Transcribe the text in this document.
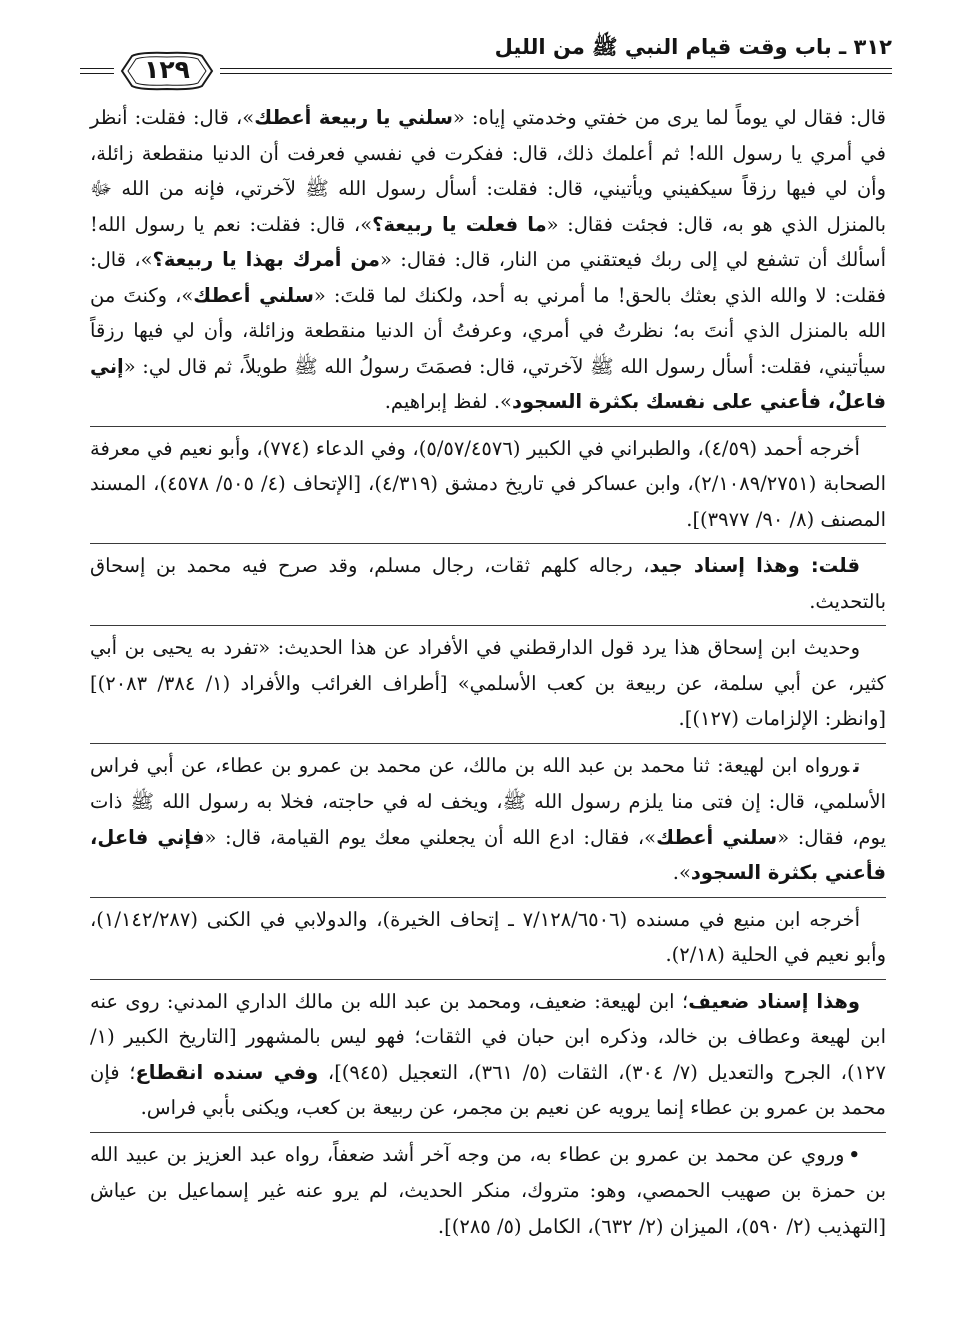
٣١٢ ـ باب وقت قيام النبي ﷺ من الليل
١٢٩

قال: فقال لي يوماً لما يرى من خفتي وخدمتي إياه: «سلني يا ربيعة أعطك»، قال: فقلت: أنظر في أمري يا رسول الله! ثم أعلمك ذلك، قال: ففكرت في نفسي فعرفت أن الدنيا منقطعة زائلة، وأن لي فيها رزقاً سيكفيني ويأتيني، قال: فقلت: أسأل رسول الله ﷺ لآخرتي، فإنه من الله ﷻ بالمنزل الذي هو به، قال: فجئت فقال: «ما فعلت يا ربيعة؟»، قال: فقلت: نعم يا رسول الله! أسألك أن تشفع لي إلى ربك فيعتقني من النار، قال: فقال: «من أمرك بهذا يا ربيعة؟»، قال: فقلت: لا والله الذي بعثك بالحق! ما أمرني به أحد، ولكنك لما قلتَ: «سلني أعطك»، وكنتَ من الله بالمنزل الذي أنتَ به؛ نظرتُ في أمري، وعرفتُ أن الدنيا منقطعة وزائلة، وأن لي فيها رزقاً سيأتيني، فقلت: أسأل رسول الله ﷺ لآخرتي، قال: فصمَتَ رسولُ الله ﷺ طويلاً، ثم قال لي: «إني فاعلٌ، فأعني على نفسك بكثرة السجود». لفظ إبراهيم.

أخرجه أحمد (٤/٥٩)، والطبراني في الكبير (٥/٥٧/٤٥٧٦)، وفي الدعاء (٧٧٤)، وأبو نعيم في معرفة الصحابة (٢/١٠٨٩/٢٧٥١)، وابن عساكر في تاريخ دمشق (٤/٣١٩)، [الإتحاف (٤/ ٥٠٥/ ٤٥٧٨)، المسند المصنف (٨/ ٩٠/ ٣٩٧٧)].

قلت: وهذا إسناد جيد، رجاله كلهم ثقات، رجال مسلم، وقد صرح فيه محمد بن إسحاق بالتحديث.

وحديث ابن إسحاق هذا يرد قول الدارقطني في الأفراد عن هذا الحديث: «تفرد به يحيى بن أبي كثير، عن أبي سلمة، عن ربيعة بن كعب الأسلمي» [أطراف الغرائب والأفراد (١/ ٣٨٤/ ٢٠٨٣)] [وانظر: الإلزامات (١٢٧)].

تورواه ابن لهيعة: ثنا محمد بن عبد الله بن مالك، عن محمد بن عمرو بن عطاء، عن أبي فراس الأسلمي، قال: إن فتى منا يلزم رسول الله ﷺ، ويخف له في حاجته، فخلا به رسول الله ﷺ ذات يوم، فقال: «سلني أعطك»، فقال: ادع الله أن يجعلني معك يوم القيامة، قال: «فإني فاعل، فأعني بكثرة السجود».

أخرجه ابن منيع في مسنده (٧/١٢٨/٦٥٠٦ ـ إتحاف الخيرة)، والدولابي في الكنى (١/١٤٢/٢٨٧)، وأبو نعيم في الحلية (٢/١٨).

وهذا إسناد ضعيف؛ ابن لهيعة: ضعيف، ومحمد بن عبد الله بن مالك الداري المدني: روى عنه ابن لهيعة وعطاف بن خالد، وذكره ابن حبان في الثقات؛ فهو ليس بالمشهور [التاريخ الكبير (١/ ١٢٧)، الجرح والتعديل (٧/ ٣٠٤)، الثقات (٥/ ٣٦١)، التعجيل (٩٤٥)]، وفي سنده انقطاع؛ فإن محمد بن عمرو بن عطاء إنما يرويه عن نعيم بن مجمر، عن ربيعة بن كعب، ويكنى بأبي فراس.

•وروي عن محمد بن عمرو بن عطاء به، من وجه آخر أشد ضعفاً، رواه عبد العزيز بن عبيد الله بن حمزة بن صهيب الحمصي، وهو: متروك، منكر الحديث، لم يرو عنه غير إسماعيل بن عياش [التهذيب (٢/ ٥٩٠)، الميزان (٢/ ٦٣٢)، الكامل (٥/ ٢٨٥)].
